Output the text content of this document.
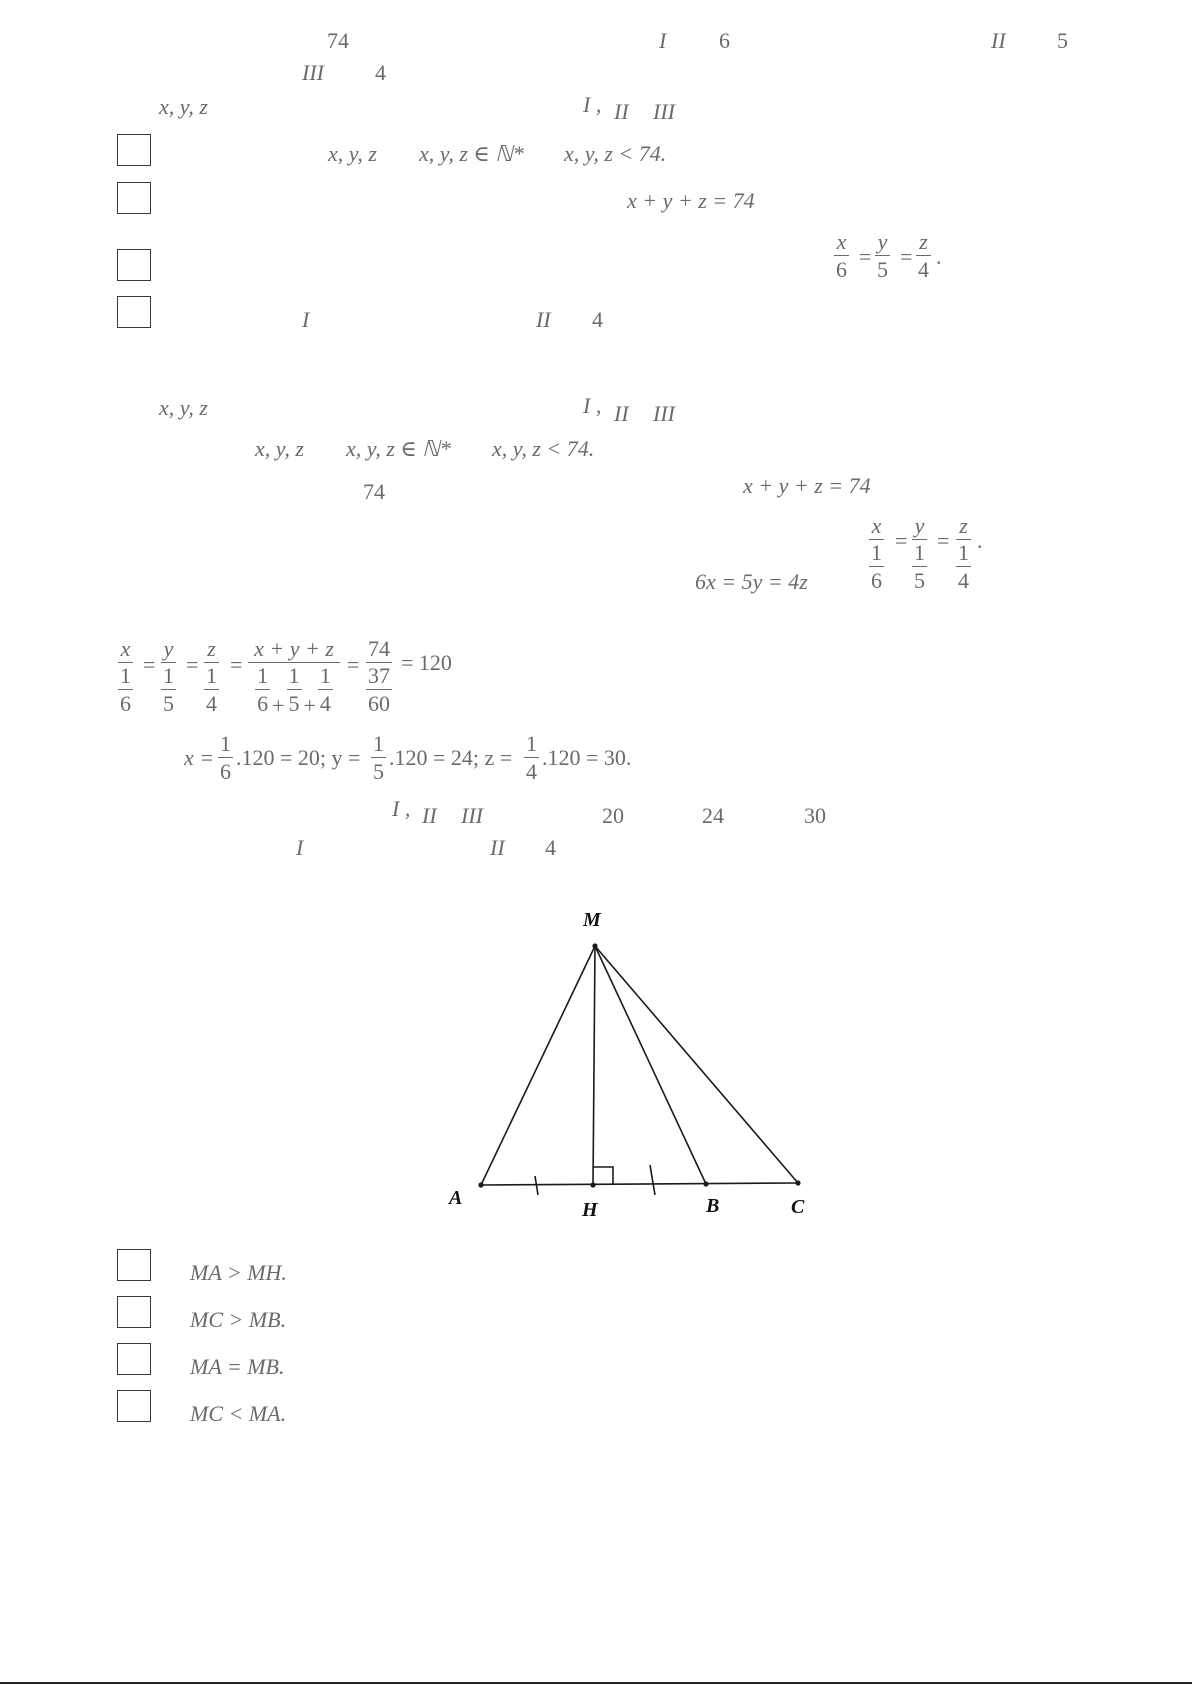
74	I 6	II 5
III 4
x, y, z	I , II III
x, y, z x, y, z ∈ ℕ* x, y, z < 74.
x + y + z = 74
$\frac{x}{6} = \frac{y}{5} = \frac{z}{4}$ .
I	II 4
x, y, z	I , II III
x, y, z x, y, z ∈ ℕ* x, y, z < 74.
74	x + y + z = 74
x
$\frac{1}{6}$ =
y
$\frac{1}{5}$ =
z
$\frac{1}{4}$ .
6x = 5y = 4z
x
$\frac{1}{6}$ =
y
$\frac{1}{5}$ =
z
$\frac{1}{4}$ =
x + y + z
$\frac{1}{6} + \frac{1}{5} + \frac{1}{4}$ =
74
$\frac{37}{60}$
= 120
$x = \frac{1}{6} .120 = 20$; $y = \frac{1}{5} .120 = 24$; $z = \frac{1}{4} .120 = 30$.
I , II III	20	24	30
I	II 4
M
A
H	B	C
MA > MH.
MC > MB.
MA = MB.
MC < MA.
